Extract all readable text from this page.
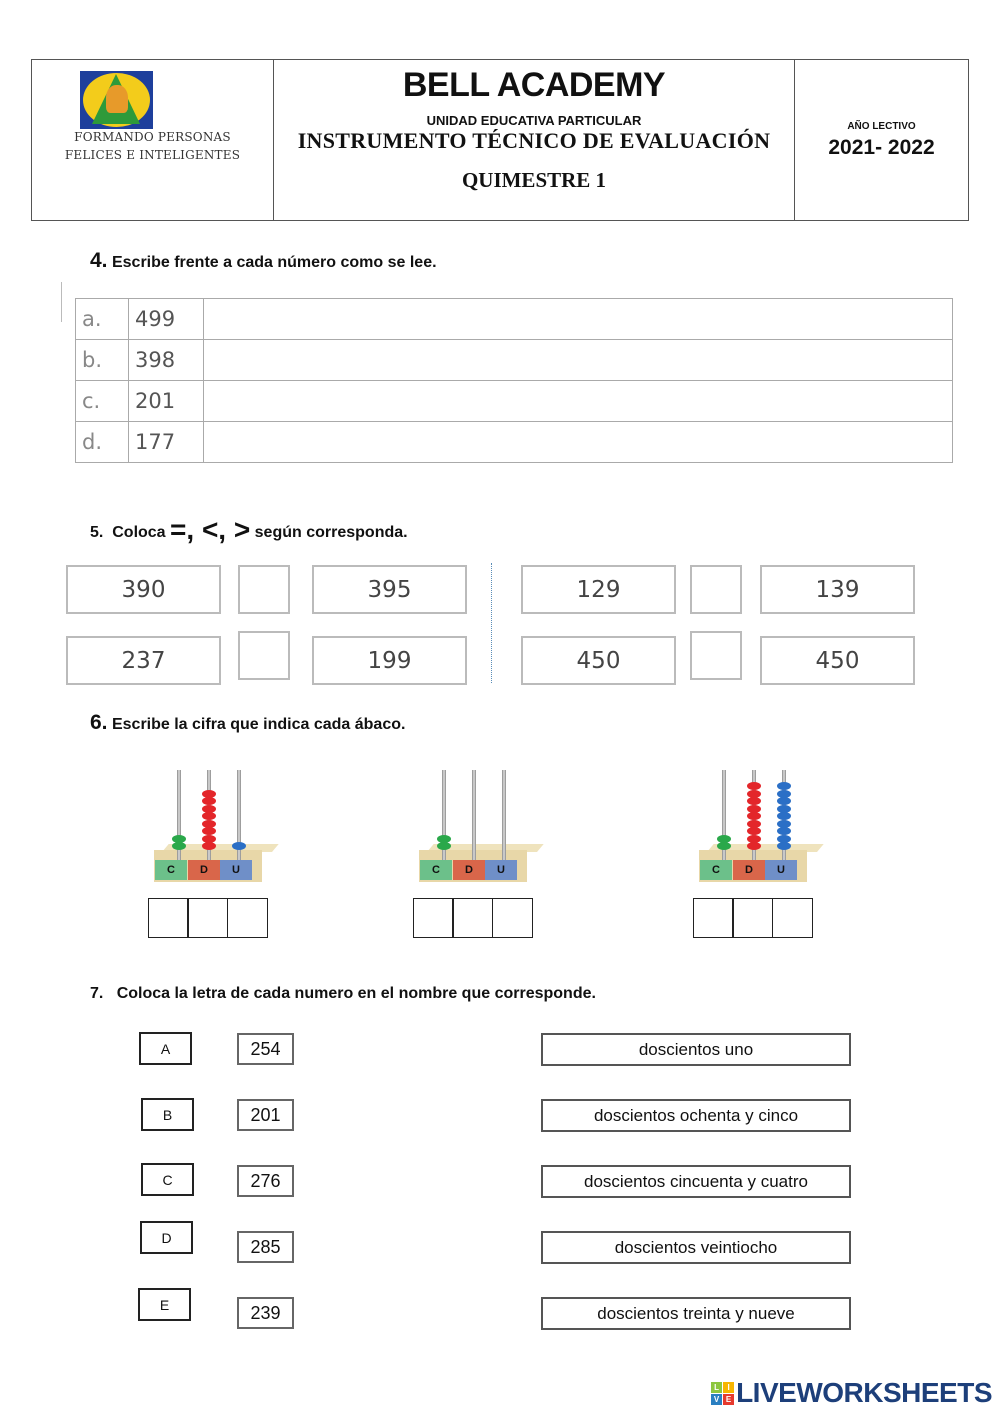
FORMANDO PERSONAS
FELICES E INTELIGENTES
BELL ACADEMY
UNIDAD EDUCATIVA PARTICULAR
INSTRUMENTO TÉCNICO DE EVALUACIÓN
QUIMESTRE 1
AÑO LECTIVO
2021- 2022
4. Escribe frente a cada número como se lee.
a.	499	
b.	398	
c.	201	
d.	177	
5. Coloca =, <, > según corresponda.
390	395
237	199
129	139
450	450
6. Escribe la cifra que indica cada ábaco.
C	D	U	C	D	U	C	D	U
7. Coloca la letra de cada numero en el nombre que corresponde.
A	254	doscientos uno
B	201	doscientos ochenta y cinco
C	276	doscientos cincuenta y cuatro
D	285	doscientos veintiocho
E	239	doscientos treinta y nueve
L	I
V E LIVEWORKSHEETS
